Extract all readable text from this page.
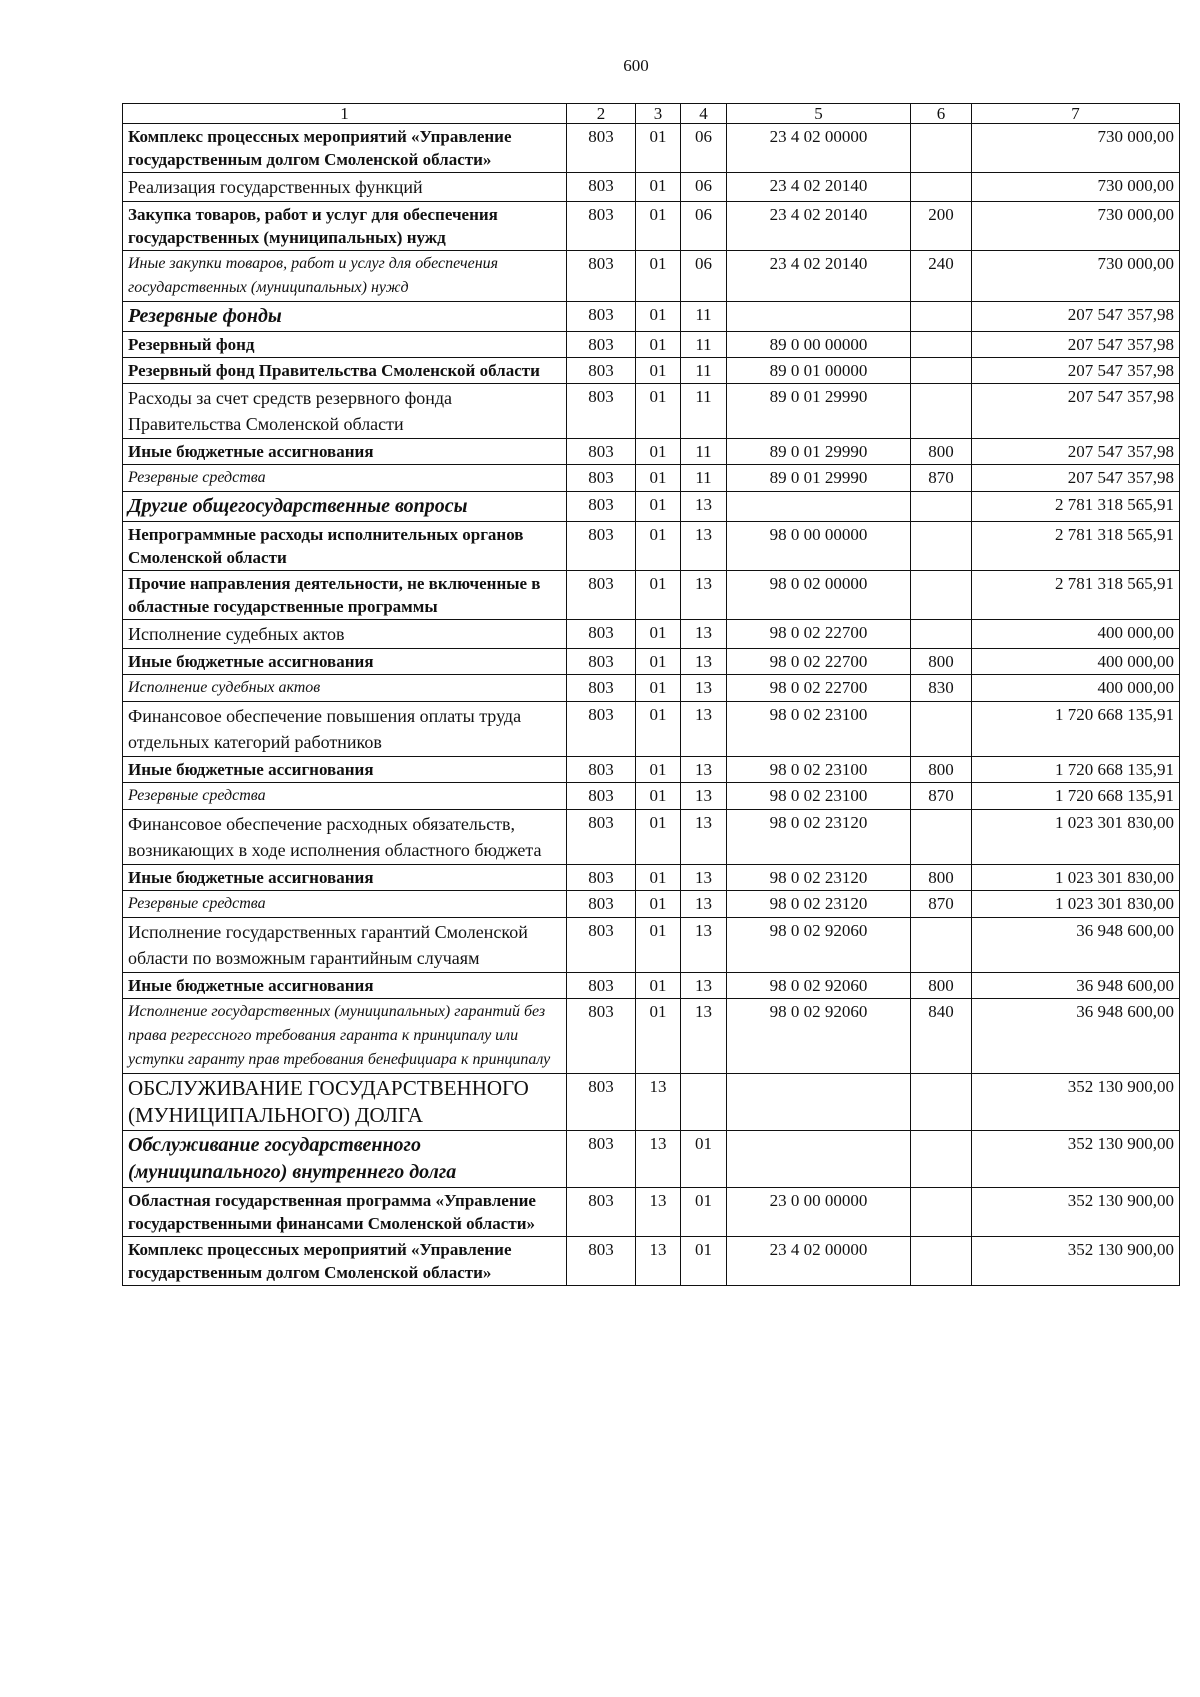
600
1	2	3	4	5	6	7
Комплекс процессных мероприятий «Управление государственным долгом Смоленской области»	803	01	06	23 4 02 00000		730 000,00
Реализация государственных функций	803	01	06	23 4 02 20140		730 000,00
Закупка товаров, работ и услуг для обеспечения государственных (муниципальных) нужд	803	01	06	23 4 02 20140	200	730 000,00
Иные закупки товаров, работ и услуг для обеспечения государственных (муниципальных) нужд	803	01	06	23 4 02 20140	240	730 000,00
Резервные фонды	803	01	11			207 547 357,98
Резервный фонд	803	01	11	89 0 00 00000		207 547 357,98
Резервный фонд Правительства Смоленской области	803	01	11	89 0 01 00000		207 547 357,98
Расходы за счет средств резервного фонда Правительства Смоленской области	803	01	11	89 0 01 29990		207 547 357,98
Иные бюджетные ассигнования	803	01	11	89 0 01 29990	800	207 547 357,98
Резервные средства	803	01	11	89 0 01 29990	870	207 547 357,98
Другие общегосударственные вопросы	803	01	13			2 781 318 565,91
Непрограммные расходы исполнительных органов Смоленской области	803	01	13	98 0 00 00000		2 781 318 565,91
Прочие направления деятельности, не включенные в областные государственные программы	803	01	13	98 0 02 00000		2 781 318 565,91
Исполнение судебных актов	803	01	13	98 0 02 22700		400 000,00
Иные бюджетные ассигнования	803	01	13	98 0 02 22700	800	400 000,00
Исполнение судебных актов	803	01	13	98 0 02 22700	830	400 000,00
Финансовое обеспечение повышения оплаты труда отдельных категорий работников	803	01	13	98 0 02 23100		1 720 668 135,91
Иные бюджетные ассигнования	803	01	13	98 0 02 23100	800	1 720 668 135,91
Резервные средства	803	01	13	98 0 02 23100	870	1 720 668 135,91
Финансовое обеспечение расходных обязательств, возникающих в ходе исполнения областного бюджета	803	01	13	98 0 02 23120		1 023 301 830,00
Иные бюджетные ассигнования	803	01	13	98 0 02 23120	800	1 023 301 830,00
Резервные средства	803	01	13	98 0 02 23120	870	1 023 301 830,00
Исполнение государственных гарантий Смоленской области по возможным гарантийным случаям	803	01	13	98 0 02 92060		36 948 600,00
Иные бюджетные ассигнования	803	01	13	98 0 02 92060	800	36 948 600,00
Исполнение государственных (муниципальных) гарантий без права регрессного требования гаранта к принципалу или уступки гаранту прав требования бенефициара к принципалу	803	01	13	98 0 02 92060	840	36 948 600,00
ОБСЛУЖИВАНИЕ ГОСУДАРСТВЕННОГО (МУНИЦИПАЛЬНОГО) ДОЛГА	803	13				352 130 900,00
Обслуживание государственного (муниципального) внутреннего долга	803	13	01			352 130 900,00
Областная государственная программа «Управление государственными финансами Смоленской области»	803	13	01	23 0 00 00000		352 130 900,00
Комплекс процессных мероприятий «Управление государственным долгом Смоленской области»	803	13	01	23 4 02 00000		352 130 900,00
